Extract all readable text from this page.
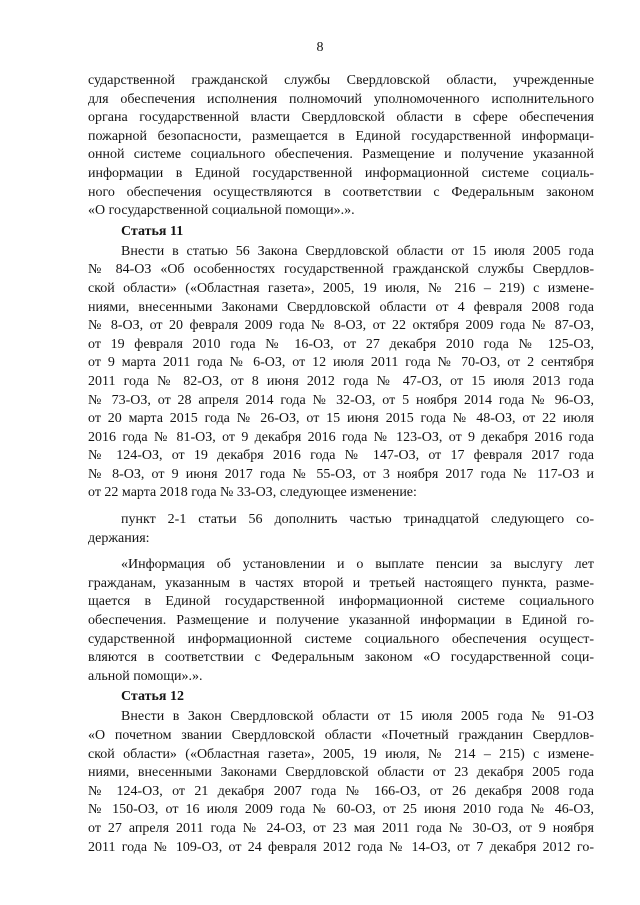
8
сударственной гражданской службы Свердловской области, учрежденные
для обеспечения исполнения полномочий уполномоченного исполнительного
органа государственной власти Свердловской области в сфере обеспечения
пожарной безопасности, размещается в Единой государственной информаци-
онной системе социального обеспечения. Размещение и получение указанной
информации в Единой государственной информационной системе социаль-
ного обеспечения осуществляются в соответствии с Федеральным законом
«О государственной социальной помощи».».
Статья 11
Внести в статью 56 Закона Свердловской области от 15 июля 2005 года
№ 84-ОЗ «Об особенностях государственной гражданской службы Свердлов-
ской области» («Областная газета», 2005, 19 июля, № 216 – 219) с измене-
ниями, внесенными Законами Свердловской области от 4 февраля 2008 года
№ 8-ОЗ, от 20 февраля 2009 года № 8-ОЗ, от 22 октября 2009 года № 87-ОЗ,
от 19 февраля 2010 года № 16-ОЗ, от 27 декабря 2010 года № 125-ОЗ,
от 9 марта 2011 года № 6-ОЗ, от 12 июля 2011 года № 70-ОЗ, от 2 сентября
2011 года № 82-ОЗ, от 8 июня 2012 года № 47-ОЗ, от 15 июля 2013 года
№ 73-ОЗ, от 28 апреля 2014 года № 32-ОЗ, от 5 ноября 2014 года № 96-ОЗ,
от 20 марта 2015 года № 26-ОЗ, от 15 июня 2015 года № 48-ОЗ, от 22 июля
2016 года № 81-ОЗ, от 9 декабря 2016 года № 123-ОЗ, от 9 декабря 2016 года
№ 124-ОЗ, от 19 декабря 2016 года № 147-ОЗ, от 17 февраля 2017 года
№ 8-ОЗ, от 9 июня 2017 года № 55-ОЗ, от 3 ноября 2017 года № 117-ОЗ и
от 22 марта 2018 года № 33-ОЗ, следующее изменение:
пункт 2-1 статьи 56 дополнить частью тринадцатой следующего со-
держания:
«Информация об установлении и о выплате пенсии за выслугу лет
гражданам, указанным в частях второй и третьей настоящего пункта, разме-
щается в Единой государственной информационной системе социального
обеспечения. Размещение и получение указанной информации в Единой го-
сударственной информационной системе социального обеспечения осущест-
вляются в соответствии с Федеральным законом «О государственной соци-
альной помощи».».
Статья 12
Внести в Закон Свердловской области от 15 июля 2005 года № 91-ОЗ
«О почетном звании Свердловской области «Почетный гражданин Свердлов-
ской области» («Областная газета», 2005, 19 июля, № 214 – 215) с измене-
ниями, внесенными Законами Свердловской области от 23 декабря 2005 года
№ 124-ОЗ, от 21 декабря 2007 года № 166-ОЗ, от 26 декабря 2008 года
№ 150-ОЗ, от 16 июля 2009 года № 60-ОЗ, от 25 июня 2010 года № 46-ОЗ,
от 27 апреля 2011 года № 24-ОЗ, от 23 мая 2011 года № 30-ОЗ, от 9 ноября
2011 года № 109-ОЗ, от 24 февраля 2012 года № 14-ОЗ, от 7 декабря 2012 го-
